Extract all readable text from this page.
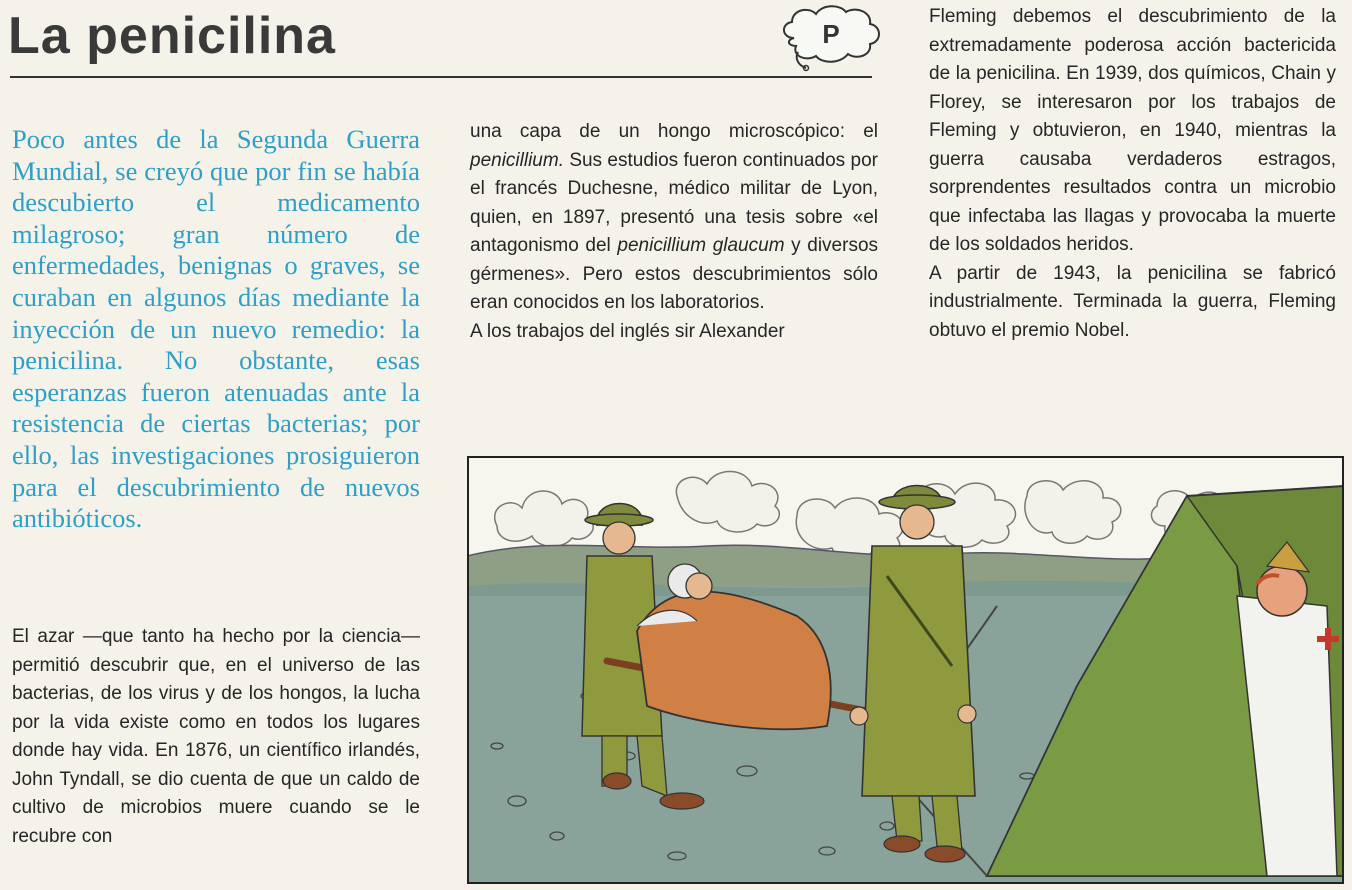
La penicilina	P

Poco antes de la Segunda Guerra Mundial, se creyó que por fin se había descubierto el medicamento milagroso; gran número de enfermedades, benignas o graves, se curaban en algunos días mediante la inyección de un nuevo remedio: la penicilina. No obstante, esas esperanzas fueron atenuadas ante la resistencia de ciertas bacterias; por ello, las investigaciones prosiguieron para el descubrimiento de nuevos antibióticos.

El azar —que tanto ha hecho por la ciencia— permitió descubrir que, en el universo de las bacterias, de los virus y de los hongos, la lucha por la vida existe como en todos los lugares donde hay vida. En 1876, un científico irlandés, John Tyndall, se dio cuenta de que un caldo de cultivo de microbios muere cuando se le recubre con

una capa de un hongo microscópico: el penicillium. Sus estudios fueron continuados por el francés Duchesne, médico militar de Lyon, quien, en 1897, presentó una tesis sobre «el antagonismo del penicillium glaucum y diversos gérmenes». Pero estos descubrimientos sólo eran conocidos en los laboratorios.

A los trabajos del inglés sir Alexander

Fleming debemos el descubrimiento de la extremadamente poderosa acción bactericida de la penicilina. En 1939, dos químicos, Chain y Florey, se interesaron por los trabajos de Fleming y obtuvieron, en 1940, mientras la guerra causaba verdaderos estragos, sorprendentes resultados contra un microbio que infectaba las llagas y provocaba la muerte de los soldados heridos.

A partir de 1943, la penicilina se fabricó industrialmente. Terminada la guerra, Fleming obtuvo el premio Nobel.
